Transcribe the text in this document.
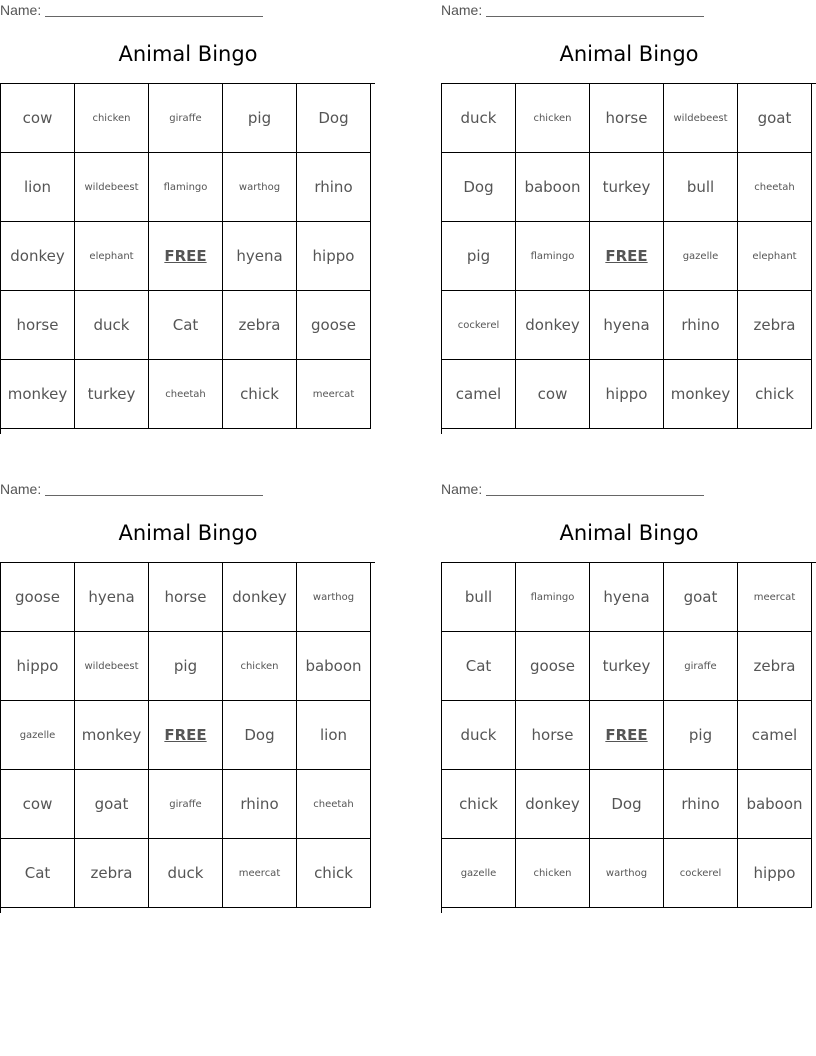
Name:
Animal Bingo
cow	chicken	giraffe	pig	Dog
lion	wildebeest	flamingo	warthog	rhino
donkey	elephant	FREE	hyena	hippo
horse	duck	Cat	zebra	goose
monkey	turkey	cheetah	chick	meercat
Name:
Animal Bingo
duck	chicken	horse	wildebeest	goat
Dog	baboon	turkey	bull	cheetah
pig	flamingo	FREE	gazelle	elephant
cockerel	donkey	hyena	rhino	zebra
camel	cow	hippo	monkey	chick
Name:
Animal Bingo
goose	hyena	horse	donkey	warthog
hippo	wildebeest	pig	chicken	baboon
gazelle	monkey	FREE	Dog	lion
cow	goat	giraffe	rhino	cheetah
Cat	zebra	duck	meercat	chick
Name:
Animal Bingo
bull	flamingo	hyena	goat	meercat
Cat	goose	turkey	giraffe	zebra
duck	horse	FREE	pig	camel
chick	donkey	Dog	rhino	baboon
gazelle	chicken	warthog	cockerel	hippo
